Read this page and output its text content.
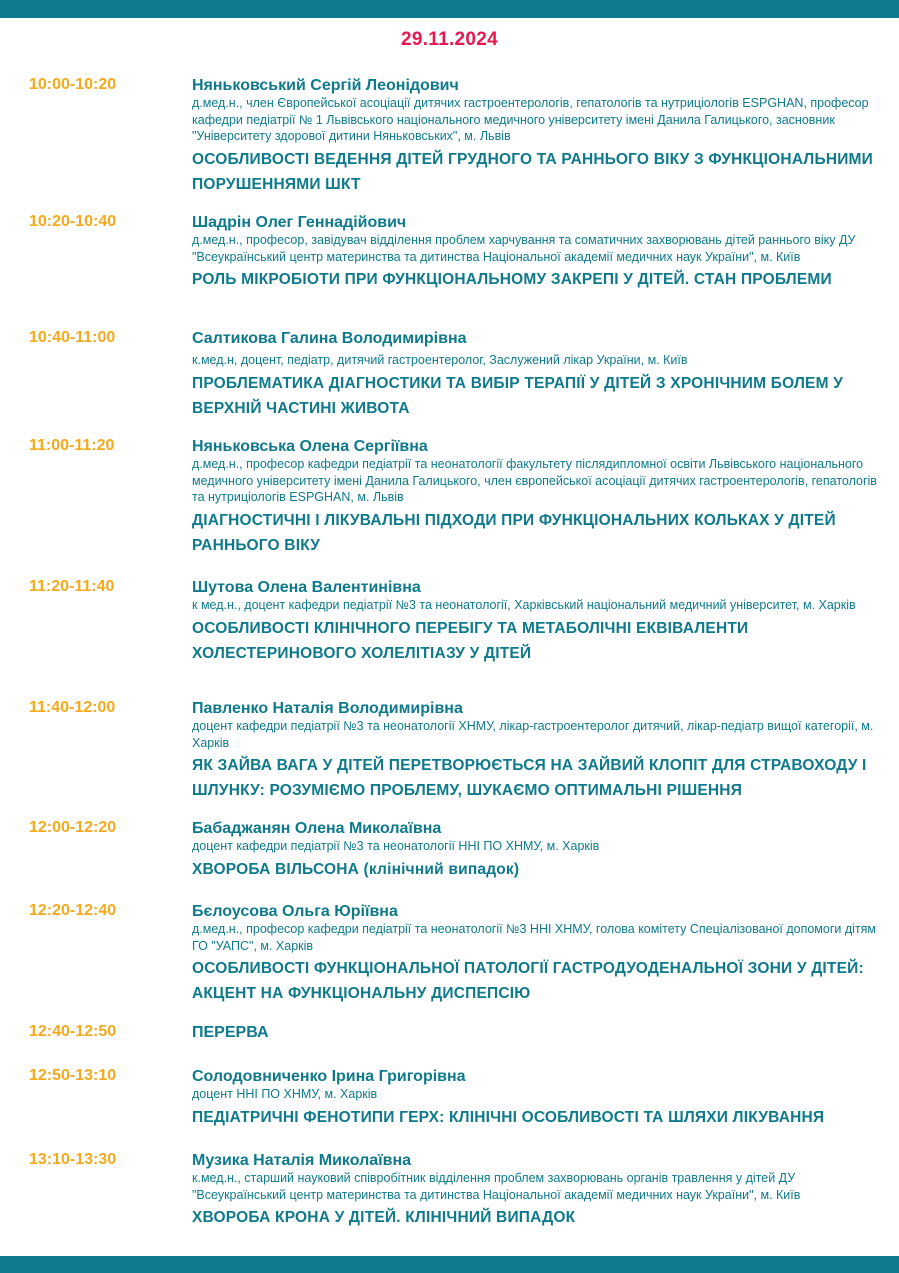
29.11.2024
10:00-10:20	Няньковський Сергій Леонідович
д.мед.н., член Європейської асоціації дитячих гастроентерологів, гепатологів та нутриціологів ESPGHAN, професор кафедри педіатрії № 1 Львівського національного медичного університету імені Данила Галицького, засновник "Університету здорової дитини Няньковських", м. Львів
ОСОБЛИВОСТІ ВЕДЕННЯ ДІТЕЙ ГРУДНОГО ТА РАННЬОГО ВІКУ З ФУНКЦІОНАЛЬНИМИ ПОРУШЕННЯМИ ШКТ
10:20-10:40	Шадрін Олег Геннадійович
д.мед.н., професор, завідувач відділення проблем харчування та соматичних захворювань дітей раннього віку ДУ "Всеукраїнський центр материнства та дитинства Національної академії медичних наук України", м. Київ
РОЛЬ МІКРОБІОТИ ПРИ ФУНКЦІОНАЛЬНОМУ ЗАКРЕПІ У ДІТЕЙ. СТАН ПРОБЛЕМИ
10:40-11:00	Салтикова Галина Володимирівна
к.мед.н, доцент, педіатр, дитячий гастроентеролог, Заслужений лікар України, м. Київ
ПРОБЛЕМАТИКА ДІАГНОСТИКИ ТА ВИБІР ТЕРАПІЇ У ДІТЕЙ З ХРОНІЧНИМ БОЛЕМ У ВЕРХНІЙ ЧАСТИНІ ЖИВОТА
11:00-11:20	Няньковська Олена Сергіївна
д.мед.н., професор кафедри педіатрії та неонатології факультету післядипломної освіти Львівського національного медичного університету імені Данила Галицького, член європейської асоціації дитячих гастроентерологів, гепатологів та нутриціологів ESPGHAN, м. Львів
ДІАГНОСТИЧНІ І ЛІКУВАЛЬНІ ПІДХОДИ ПРИ ФУНКЦІОНАЛЬНИХ КОЛЬКАХ У ДІТЕЙ РАННЬОГО ВІКУ
11:20-11:40	Шутова Олена Валентинівна
к мед.н., доцент кафедри педіатрії №3 та неонатології, Харківський національний медичний університет, м. Харків
ОСОБЛИВОСТІ КЛІНІЧНОГО ПЕРЕБІГУ ТА МЕТАБОЛІЧНІ ЕКВІВАЛЕНТИ ХОЛЕСТЕРИНОВОГО ХОЛЕЛІТІАЗУ У ДІТЕЙ
11:40-12:00	Павленко Наталія Володимирівна
доцент кафедри педіатрії №3 та неонатології ХНМУ, лікар-гастроентеролог дитячий, лікар-педіатр вищої категорії, м. Харків
ЯК ЗАЙВА ВАГА У ДІТЕЙ ПЕРЕТВОРЮЄТЬСЯ НА ЗАЙВИЙ КЛОПІТ ДЛЯ СТРАВОХОДУ І ШЛУНКУ: РОЗУМІЄМО ПРОБЛЕМУ, ШУКАЄМО ОПТИМАЛЬНІ РІШЕННЯ
12:00-12:20	Бабаджанян Олена Миколаївна
доцент кафедри педіатрії №3 та неонатології ННІ ПО ХНМУ, м. Харків
ХВОРОБА ВІЛЬСОНА (клінічний випадок)
12:20-12:40	Бєлоусова Ольга Юріївна
д.мед.н., професор кафедри педіатрії та неонатології №3 ННІ ХНМУ, голова комітету Спеціалізованої допомоги дітям ГО "УАПС", м. Харків
ОСОБЛИВОСТІ ФУНКЦІОНАЛЬНОЇ ПАТОЛОГІЇ ГАСТРОДУОДЕНАЛЬНОЇ ЗОНИ У ДІТЕЙ: АКЦЕНТ НА ФУНКЦІОНАЛЬНУ ДИСПЕПСІЮ
12:40-12:50	ПЕРЕРВА
12:50-13:10	Солодовниченко Ірина Григорівна
доцент ННІ ПО ХНМУ, м. Харків
ПЕДІАТРИЧНІ ФЕНОТИПИ ГЕРХ: КЛІНІЧНІ ОСОБЛИВОСТІ ТА ШЛЯХИ ЛІКУВАННЯ
13:10-13:30	Музика Наталія Миколаївна
к.мед.н., старший науковий співробітник відділення проблем захворювань органів травлення у дітей ДУ "Всеукраїнський центр материнства та дитинства Національної академії медичних наук України", м. Київ
ХВОРОБА КРОНА У ДІТЕЙ. КЛІНІЧНИЙ ВИПАДОК
